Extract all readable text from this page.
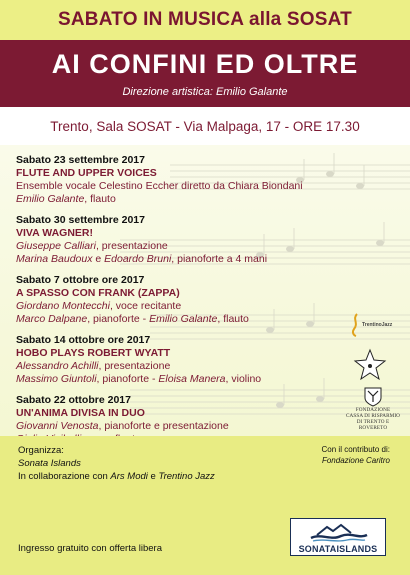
SABATO IN MUSICA alla SOSAT
AI CONFINI ED OLTRE
Direzione artistica: Emilio Galante
Trento, Sala SOSAT - Via Malpaga, 17 - ORE 17.30
Sabato 23 settembre 2017
FLUTE AND UPPER VOICES
Ensemble vocale Celestino Eccher diretto da Chiara Biondani
Emilio Galante, flauto
Sabato 30 settembre 2017
VIVA WAGNER!
Giuseppe Calliari, presentazione
Marina Baudoux e Edoardo Bruni, pianoforte a 4 mani
Sabato 7 ottobre ore 2017
A SPASSO CON FRANK (ZAPPA)
Giordano Montecchi, voce recitante
Marco Dalpane, pianoforte - Emilio Galante, flauto
Sabato 14 ottobre ore 2017
HOBO PLAYS ROBERT WYATT
Alessandro Achilli, presentazione
Massimo Giuntoli, pianoforte - Eloisa Manera, violino
Sabato 22 ottobre 2017
UN'ANIMA DIVISA IN DUO
Giovanni Venosta, pianoforte e presentazione
TrentinoJazz
FONDAZIONE
CASSA DI RISPARMIO
DI TRENTO E ROVERETO
Organizza:
Sonata Islands
In collaborazione con Ars Modi e Trentino Jazz
Con il contributo di:
Fondazione Caritro
SONATAISLANDS
Ingresso gratuito con offerta libera
